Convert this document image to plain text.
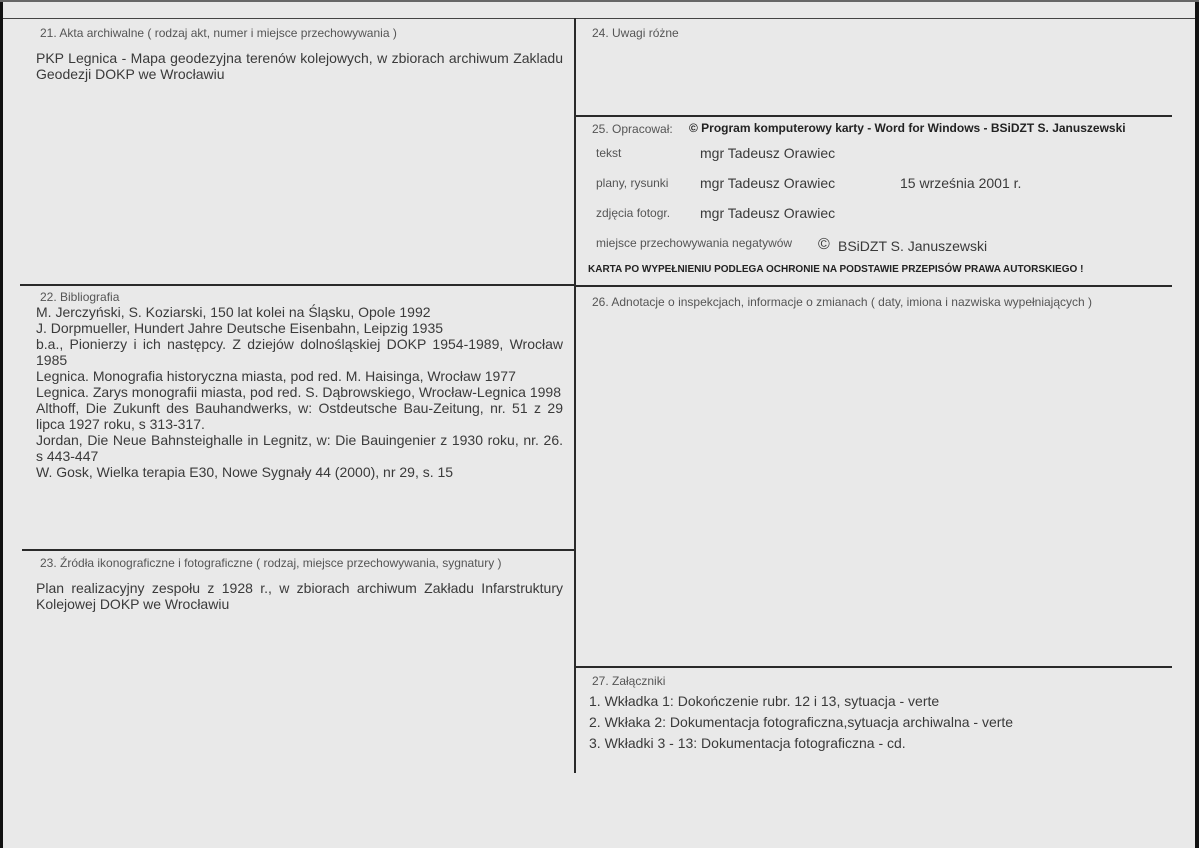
21. Akta archiwalne ( rodzaj akt, numer i miejsce przechowywania )
PKP Legnica - Mapa geodezyjna terenów kolejowych, w zbiorach archiwum Zakladu Geodezji DOKP we Wrocławiu
22. Bibliografia
M. Jerczyński, S. Koziarski, 150 lat kolei na Śląsku, Opole 1992
J. Dorpmueller, Hundert Jahre Deutsche Eisenbahn, Leipzig 1935
b.a., Pionierzy i ich następcy. Z dziejów dolnośląskiej DOKP 1954-1989, Wrocław 1985
Legnica. Monografia historyczna miasta, pod red. M. Haisinga, Wrocław 1977
Legnica. Zarys monografii miasta, pod red. S. Dąbrowskiego, Wrocław-Legnica 1998
Althoff, Die Zukunft des Bauhandwerks, w: Ostdeutsche Bau-Zeitung, nr. 51 z 29 lipca 1927 roku, s 313-317.
Jordan, Die Neue Bahnsteighalle in Legnitz, w: Die Bauingenier z 1930 roku, nr. 26. s 443-447
W. Gosk, Wielka terapia E30, Nowe Sygnały 44 (2000), nr 29, s. 15
23. Źródła ikonograficzne i fotograficzne ( rodzaj, miejsce przechowywania, sygnatury )
Plan realizacyjny zespołu z 1928 r., w zbiorach archiwum Zakładu Infarstruktury Kolejowej DOKP we Wrocławiu
24. Uwagi różne
25. Opracował: © Program komputerowy karty - Word for Windows - BSiDZT S. Januszewski
tekst	mgr Tadeusz Orawiec
plany, rysunki mgr Tadeusz Orawiec	15 września 2001 r.
zdjęcia fotogr. mgr Tadeusz Orawiec
miejsce przechowywania negatywów © BSiDZT S. Januszewski
KARTA PO WYPEŁNIENIU PODLEGA OCHRONIE NA PODSTAWIE PRZEPISÓW PRAWA AUTORSKIEGO !
26. Adnotacje o inspekcjach, informacje o zmianach ( daty, imiona i nazwiska wypełniających )
27. Załączniki
1. Wkładka 1: Dokończenie rubr. 12 i 13, sytuacja - verte
2. Wkłaka 2: Dokumentacja fotograficzna,sytuacja archiwalna - verte
3. Wkładki 3 - 13: Dokumentacja fotograficzna - cd.
